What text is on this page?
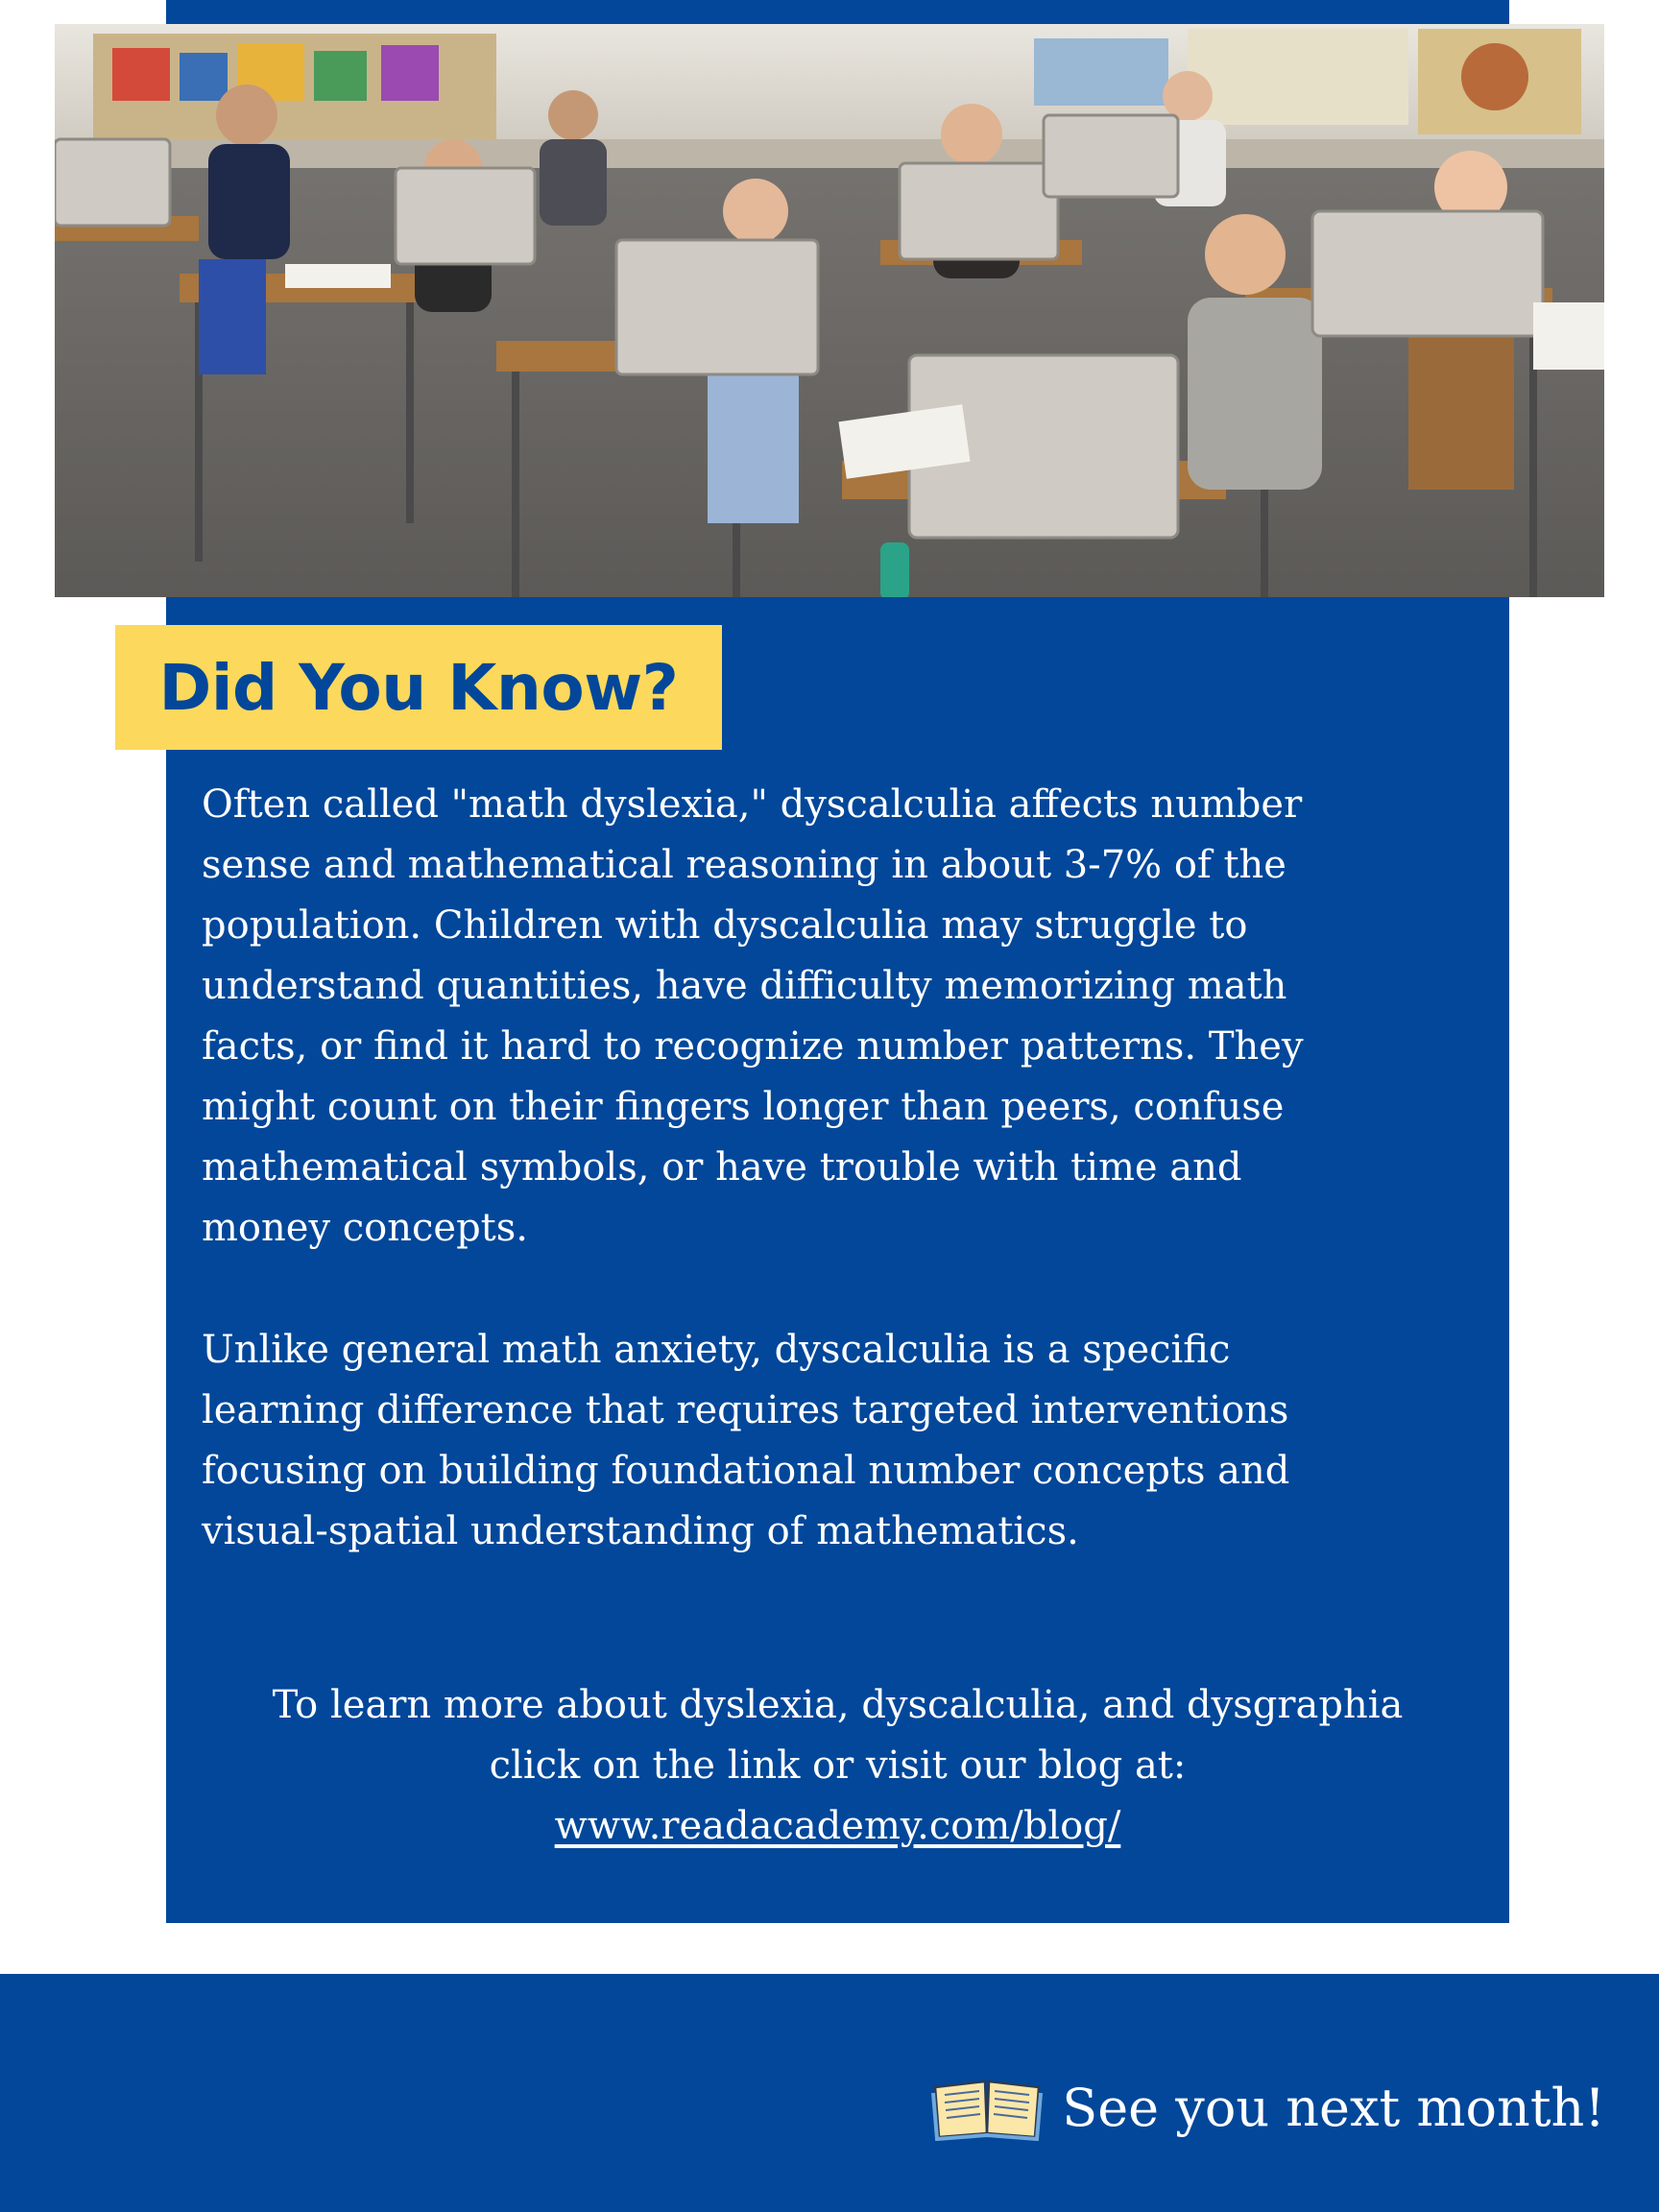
Did You Know?

Often called "math dyslexia," dyscalculia affects number
sense and mathematical reasoning in about 3-7% of the
population. Children with dyscalculia may struggle to
understand quantities, have difficulty memorizing math
facts, or find it hard to recognize number patterns. They
might count on their fingers longer than peers, confuse
mathematical symbols, or have trouble with time and
money concepts.

Unlike general math anxiety, dyscalculia is a specific
learning difference that requires targeted interventions
focusing on building foundational number concepts and
visual-spatial understanding of mathematics.

To learn more about dyslexia, dyscalculia, and dysgraphia
click on the link or visit our blog at:
www.readacademy.com/blog/

See you next month!
